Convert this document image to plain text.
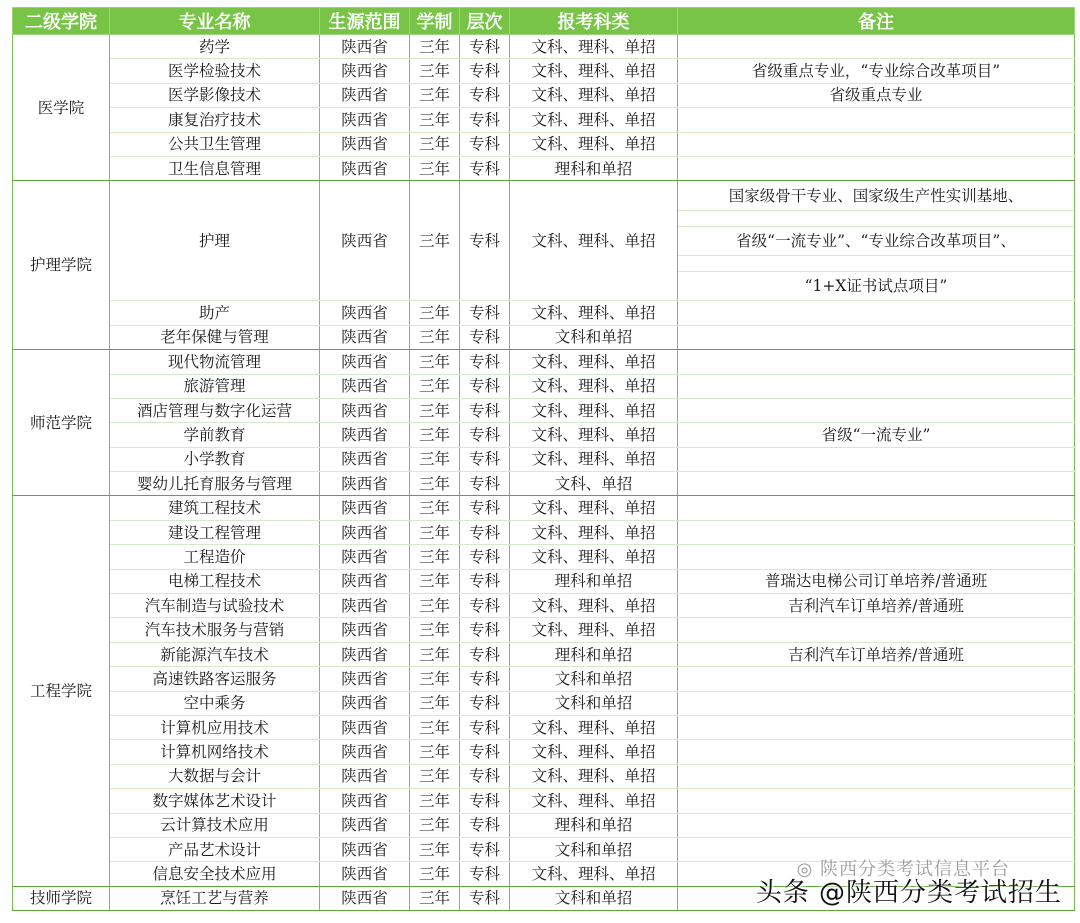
二级学院	专业名称	生源范围	学制	层次	报考科类	备注
医学院	药学	陕西省	三年	专科	文科、理科、单招	
	医学检验技术	陕西省	三年	专科	文科、理科、单招	省级重点专业，“专业综合改革项目”
	医学影像技术	陕西省	三年	专科	文科、理科、单招	省级重点专业
	康复治疗技术	陕西省	三年	专科	文科、理科、单招	
	公共卫生管理	陕西省	三年	专科	文科、理科、单招	
	卫生信息管理	陕西省	三年	专科	理科和单招	
护理学院	护理	陕西省	三年	专科	文科、理科、单招	国家级骨干专业、国家级生产性实训基地、
省级“一流专业”、“专业综合改革项目”、
“1+X证书试点项目”

	助产	陕西省	三年	专科	文科、理科、单招	
	老年保健与管理	陕西省	三年	专科	文科和单招	
师范学院	现代物流管理	陕西省	三年	专科	文科、理科、单招	
	旅游管理	陕西省	三年	专科	文科、理科、单招	
	酒店管理与数字化运营	陕西省	三年	专科	文科、理科、单招	
	学前教育	陕西省	三年	专科	文科、理科、单招	省级“一流专业”
	小学教育	陕西省	三年	专科	文科、理科、单招	
	婴幼儿托育服务与管理	陕西省	三年	专科	文科、单招	
工程学院	建筑工程技术	陕西省	三年	专科	文科、理科、单招	
	建设工程管理	陕西省	三年	专科	文科、理科、单招	
	工程造价	陕西省	三年	专科	文科、理科、单招	
	电梯工程技术	陕西省	三年	专科	理科和单招	普瑞达电梯公司订单培养/普通班
	汽车制造与试验技术	陕西省	三年	专科	文科、理科、单招	吉利汽车订单培养/普通班
	汽车技术服务与营销	陕西省	三年	专科	文科、理科、单招	
	新能源汽车技术	陕西省	三年	专科	理科和单招	吉利汽车订单培养/普通班
	高速铁路客运服务	陕西省	三年	专科	文科和单招	
	空中乘务	陕西省	三年	专科	文科和单招	
	计算机应用技术	陕西省	三年	专科	文科、理科、单招	
	计算机网络技术	陕西省	三年	专科	文科、理科、单招	
	大数据与会计	陕西省	三年	专科	文科、理科、单招	
	数字媒体艺术设计	陕西省	三年	专科	文科、理科、单招	
	云计算技术应用	陕西省	三年	专科	理科和单招	
	产品艺术设计	陕西省	三年	专科	文科和单招	
	信息安全技术应用	陕西省	三年	专科	文科、理科、单招	
技师学院	烹饪工艺与营养	陕西省	三年	专科	文科和单招	
◎ 陕西分类考试信息平台
头条 @陕西分类考试招生
